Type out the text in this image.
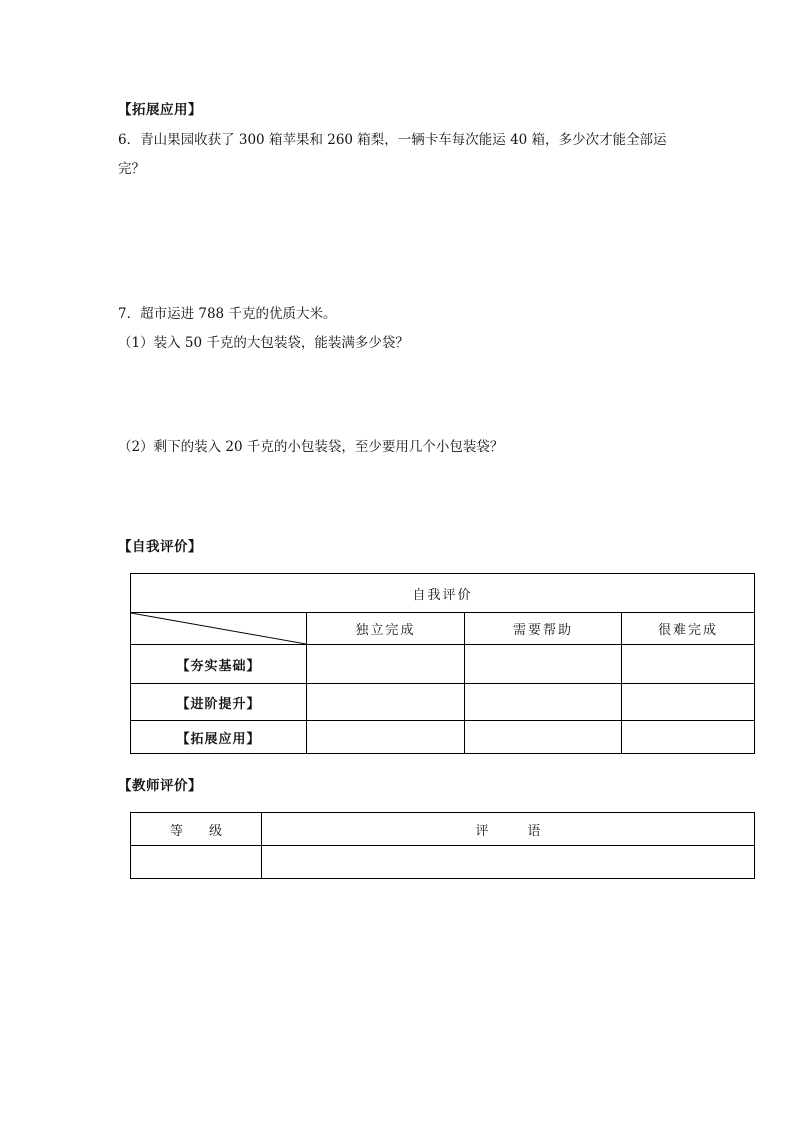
【拓展应用】
6．青山果园收获了 300 箱苹果和 260 箱梨，一辆卡车每次能运 40 箱，多少次才能全部运
完？
7．超市运进 788 千克的优质大米。
（1）装入 50 千克的大包装袋，能装满多少袋？
（2）剩下的装入 20 千克的小包装袋，至少要用几个小包装袋？
【自我评价】
自我评价			

	独立完成	需要帮助	很难完成
【夯实基础】			
【进阶提升】			
【拓展应用】			
【教师评价】
等　　级	评　　　语
